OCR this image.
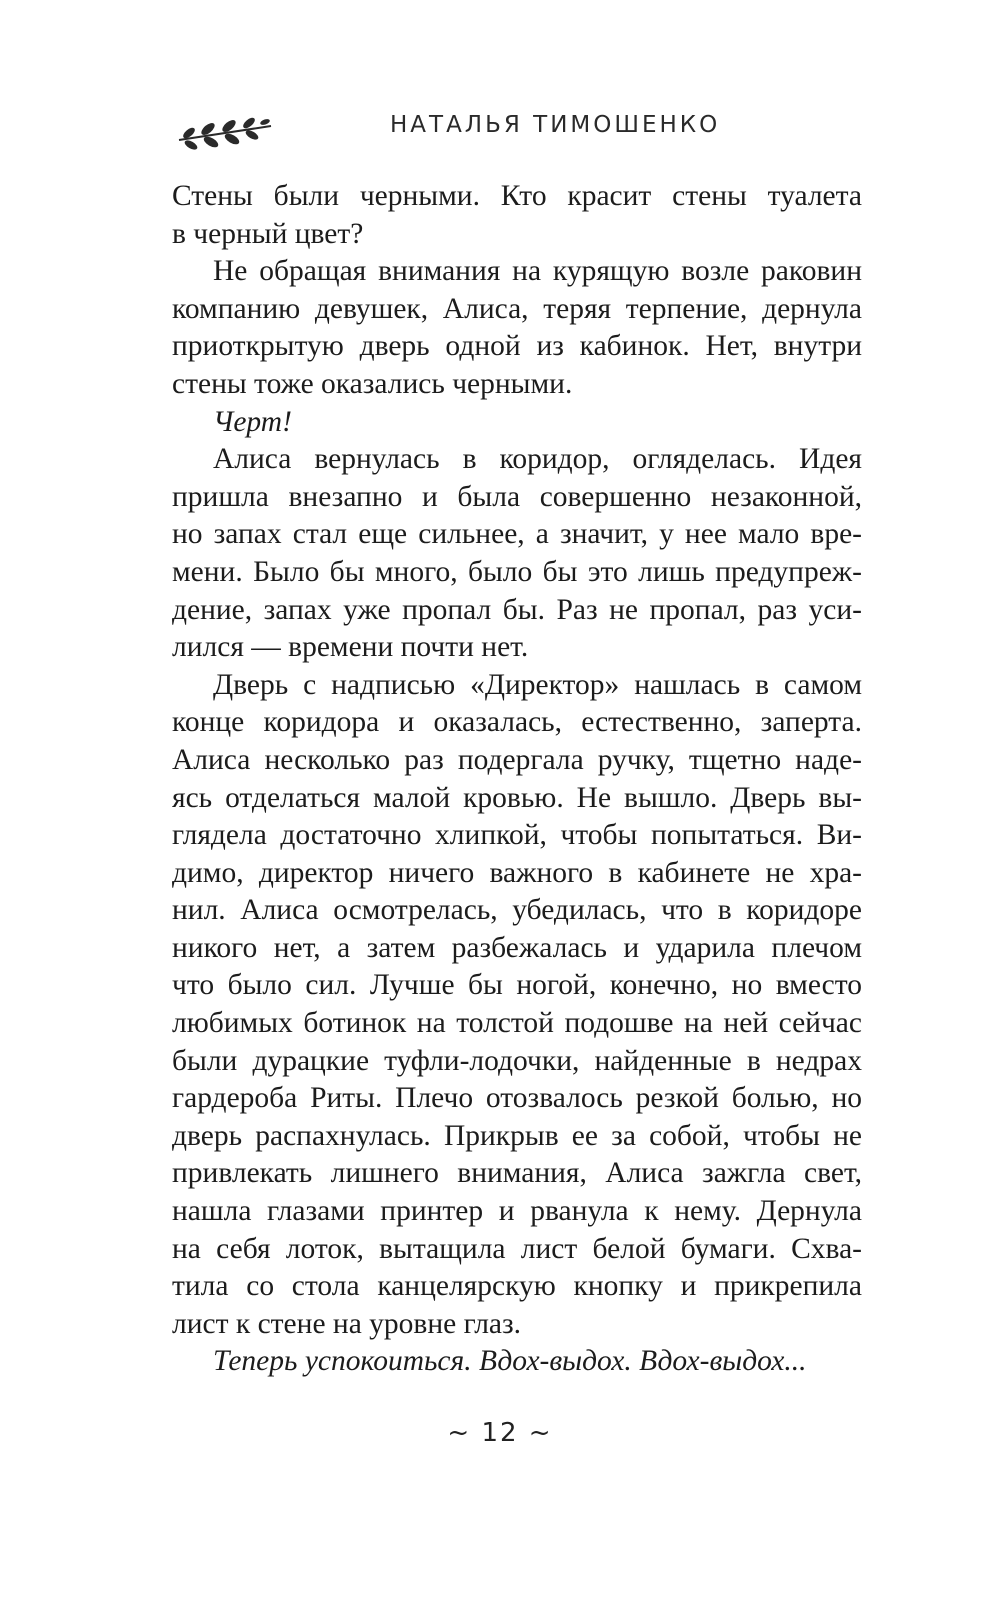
НАТАЛЬЯ ТИМОШЕНКО
Стены были черными. Кто красит стены туалета
в черный цвет?
Не обращая внимания на курящую возле раковин
компанию девушек, Алиса, теряя терпение, дернула
приоткрытую дверь одной из кабинок. Нет, внутри
стены тоже оказались черными.
Черт!
Алиса вернулась в коридор, огляделась. Идея
пришла внезапно и была совершенно незаконной,
но запах стал еще сильнее, а значит, у нее мало вре-
мени. Было бы много, было бы это лишь предупреж-
дение, запах уже пропал бы. Раз не пропал, раз уси-
лился — времени почти нет.
Дверь с надписью «Директор» нашлась в самом
конце коридора и оказалась, естественно, заперта.
Алиса несколько раз подергала ручку, тщетно наде-
ясь отделаться малой кровью. Не вышло. Дверь вы-
глядела достаточно хлипкой, чтобы попытаться. Ви-
димо, директор ничего важного в кабинете не хра-
нил. Алиса осмотрелась, убедилась, что в коридоре
никого нет, а затем разбежалась и ударила плечом
что было сил. Лучше бы ногой, конечно, но вместо
любимых ботинок на толстой подошве на ней сейчас
были дурацкие туфли-лодочки, найденные в недрах
гардероба Риты. Плечо отозвалось резкой болью, но
дверь распахнулась. Прикрыв ее за собой, чтобы не
привлекать лишнего внимания, Алиса зажгла свет,
нашла глазами принтер и рванула к нему. Дернула
на себя лоток, вытащила лист белой бумаги. Схва-
тила со стола канцелярскую кнопку и прикрепила
лист к стене на уровне глаз.
Теперь успокоиться. Вдох-выдох. Вдох-выдох...
~ 12 ~
